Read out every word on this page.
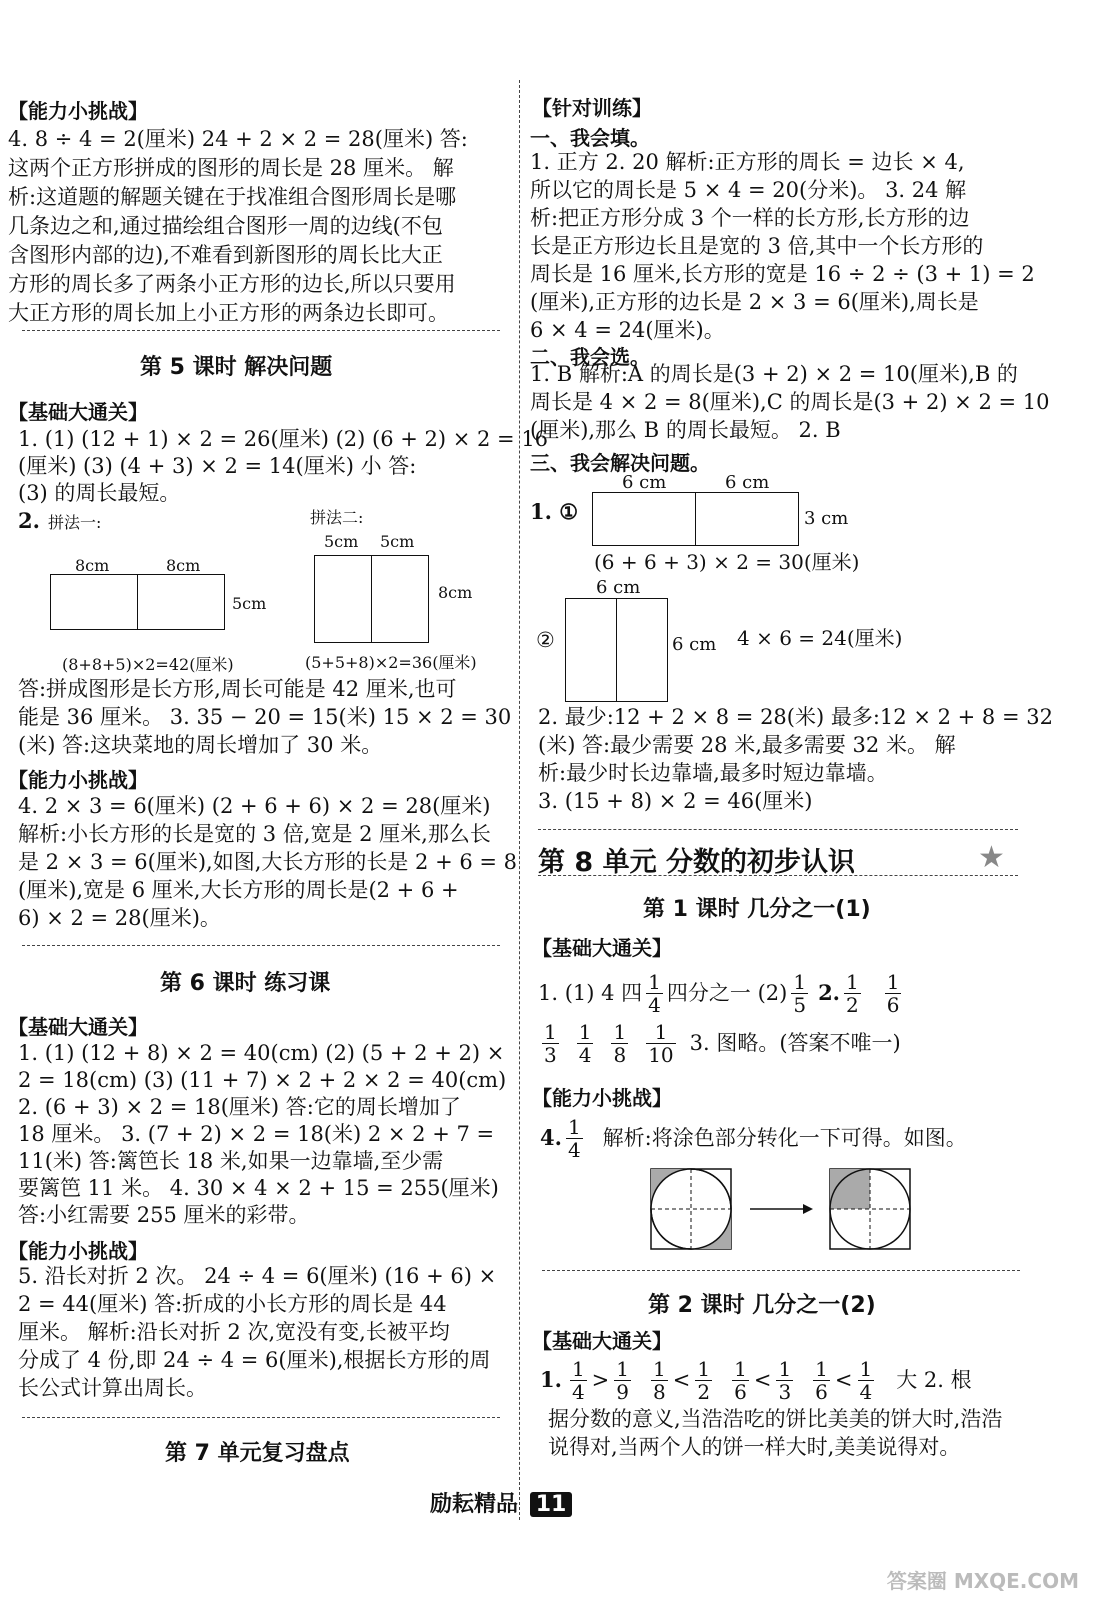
【能力小挑战】
4. 8 ÷ 4 = 2(厘米) 24 + 2 × 2 = 28(厘米) 答:
这两个正方形拼成的图形的周长是 28 厘米。 解
析:这道题的解题关键在于找准组合图形周长是哪
几条边之和,通过描绘组合图形一周的边线(不包
含图形内部的边),不难看到新图形的周长比大正
方形的周长多了两条小正方形的边长,所以只要用
大正方形的周长加上小正方形的两条边长即可。
第 5 课时 解决问题
【基础大通关】
1. (1) (12 + 1) × 2 = 26(厘米) (2) (6 + 2) × 2 = 16
(厘米) (3) (4 + 3) × 2 = 14(厘米) 小 答:
(3) 的周长最短。
2. 拼法一:	拼法二:
8cm	8cm
5cm
(8+8+5)×2=42(厘米)
5cm 5cm
8cm
(5+5+8)×2=36(厘米)
答:拼成图形是长方形,周长可能是 42 厘米,也可
能是 36 厘米。 3. 35 − 20 = 15(米) 15 × 2 = 30
(米) 答:这块菜地的周长增加了 30 米。
【能力小挑战】
4. 2 × 3 = 6(厘米) (2 + 6 + 6) × 2 = 28(厘米)
解析:小长方形的长是宽的 3 倍,宽是 2 厘米,那么长
是 2 × 3 = 6(厘米),如图,大长方形的长是 2 + 6 = 8
(厘米),宽是 6 厘米,大长方形的周长是(2 + 6 +
6) × 2 = 28(厘米)。
第 6 课时 练习课
【基础大通关】
1. (1) (12 + 8) × 2 = 40(cm) (2) (5 + 2 + 2) ×
2 = 18(cm) (3) (11 + 7) × 2 + 2 × 2 = 40(cm)
2. (6 + 3) × 2 = 18(厘米) 答:它的周长增加了
18 厘米。 3. (7 + 2) × 2 = 18(米) 2 × 2 + 7 =
11(米) 答:篱笆长 18 米,如果一边靠墙,至少需
要篱笆 11 米。 4. 30 × 4 × 2 + 15 = 255(厘米)
答:小红需要 255 厘米的彩带。
【能力小挑战】
5. 沿长对折 2 次。 24 ÷ 4 = 6(厘米) (16 + 6) ×
2 = 44(厘米) 答:折成的小长方形的周长是 44
厘米。 解析:沿长对折 2 次,宽没有变,长被平均
分成了 4 份,即 24 ÷ 4 = 6(厘米),根据长方形的周
长公式计算出周长。
第 7 单元复习盘点
【针对训练】
一、我会填。
1. 正方 2. 20 解析:正方形的周长 = 边长 × 4,
所以它的周长是 5 × 4 = 20(分米)。 3. 24 解
析:把正方形分成 3 个一样的长方形,长方形的边
长是正方形边长且是宽的 3 倍,其中一个长方形的
周长是 16 厘米,长方形的宽是 16 ÷ 2 ÷ (3 + 1) = 2
(厘米),正方形的边长是 2 × 3 = 6(厘米),周长是
6 × 4 = 24(厘米)。
二、我会选。
1. B 解析:A 的周长是(3 + 2) × 2 = 10(厘米),B 的
周长是 4 × 2 = 8(厘米),C 的周长是(3 + 2) × 2 = 10
(厘米),那么 B 的周长最短。 2. B
三、我会解决问题。
1. ①
6 cm	6 cm
3 cm
(6 + 6 + 3) × 2 = 30(厘米)
6 cm
②	6 cm 4 × 6 = 24(厘米)
2. 最少:12 + 2 × 8 = 28(米) 最多:12 × 2 + 8 = 32
(米) 答:最少需要 28 米,最多需要 32 米。 解
析:最少时长边靠墙,最多时短边靠墙。
3. (15 + 8) × 2 = 46(厘米)
第 8 单元 分数的初步认识	★
第 1 课时 几分之一(1)
【基础大通关】
1. (1) 4 四 $\frac{1}{4}$ 四分之一 $(2) \frac{1}{5} 2$. $\frac{1}{2} \frac{1}{6}$
$\frac{1}{3} \frac{1}{4} \frac{1}{8} \frac{1}{10} 3$. 图略。(答案不唯一)
【能力小挑战】
4. $\frac{1}{4}$ 解析:将涂色部分转化一下可得。如图。
第 2 课时 几分之一(2)
【基础大通关】
1. $\frac{1}{4} > \frac{1}{9} \frac{1}{8} < \frac{1}{2} \frac{1}{6} < \frac{1}{3} \frac{1}{6} < \frac{1}{4}$ 大 2. 根
据分数的意义,当浩浩吃的饼比美美的饼大时,浩浩
说得对,当两个人的饼一样大时,美美说得对。
励耘精品 11
答案圈 MXQE.COM
